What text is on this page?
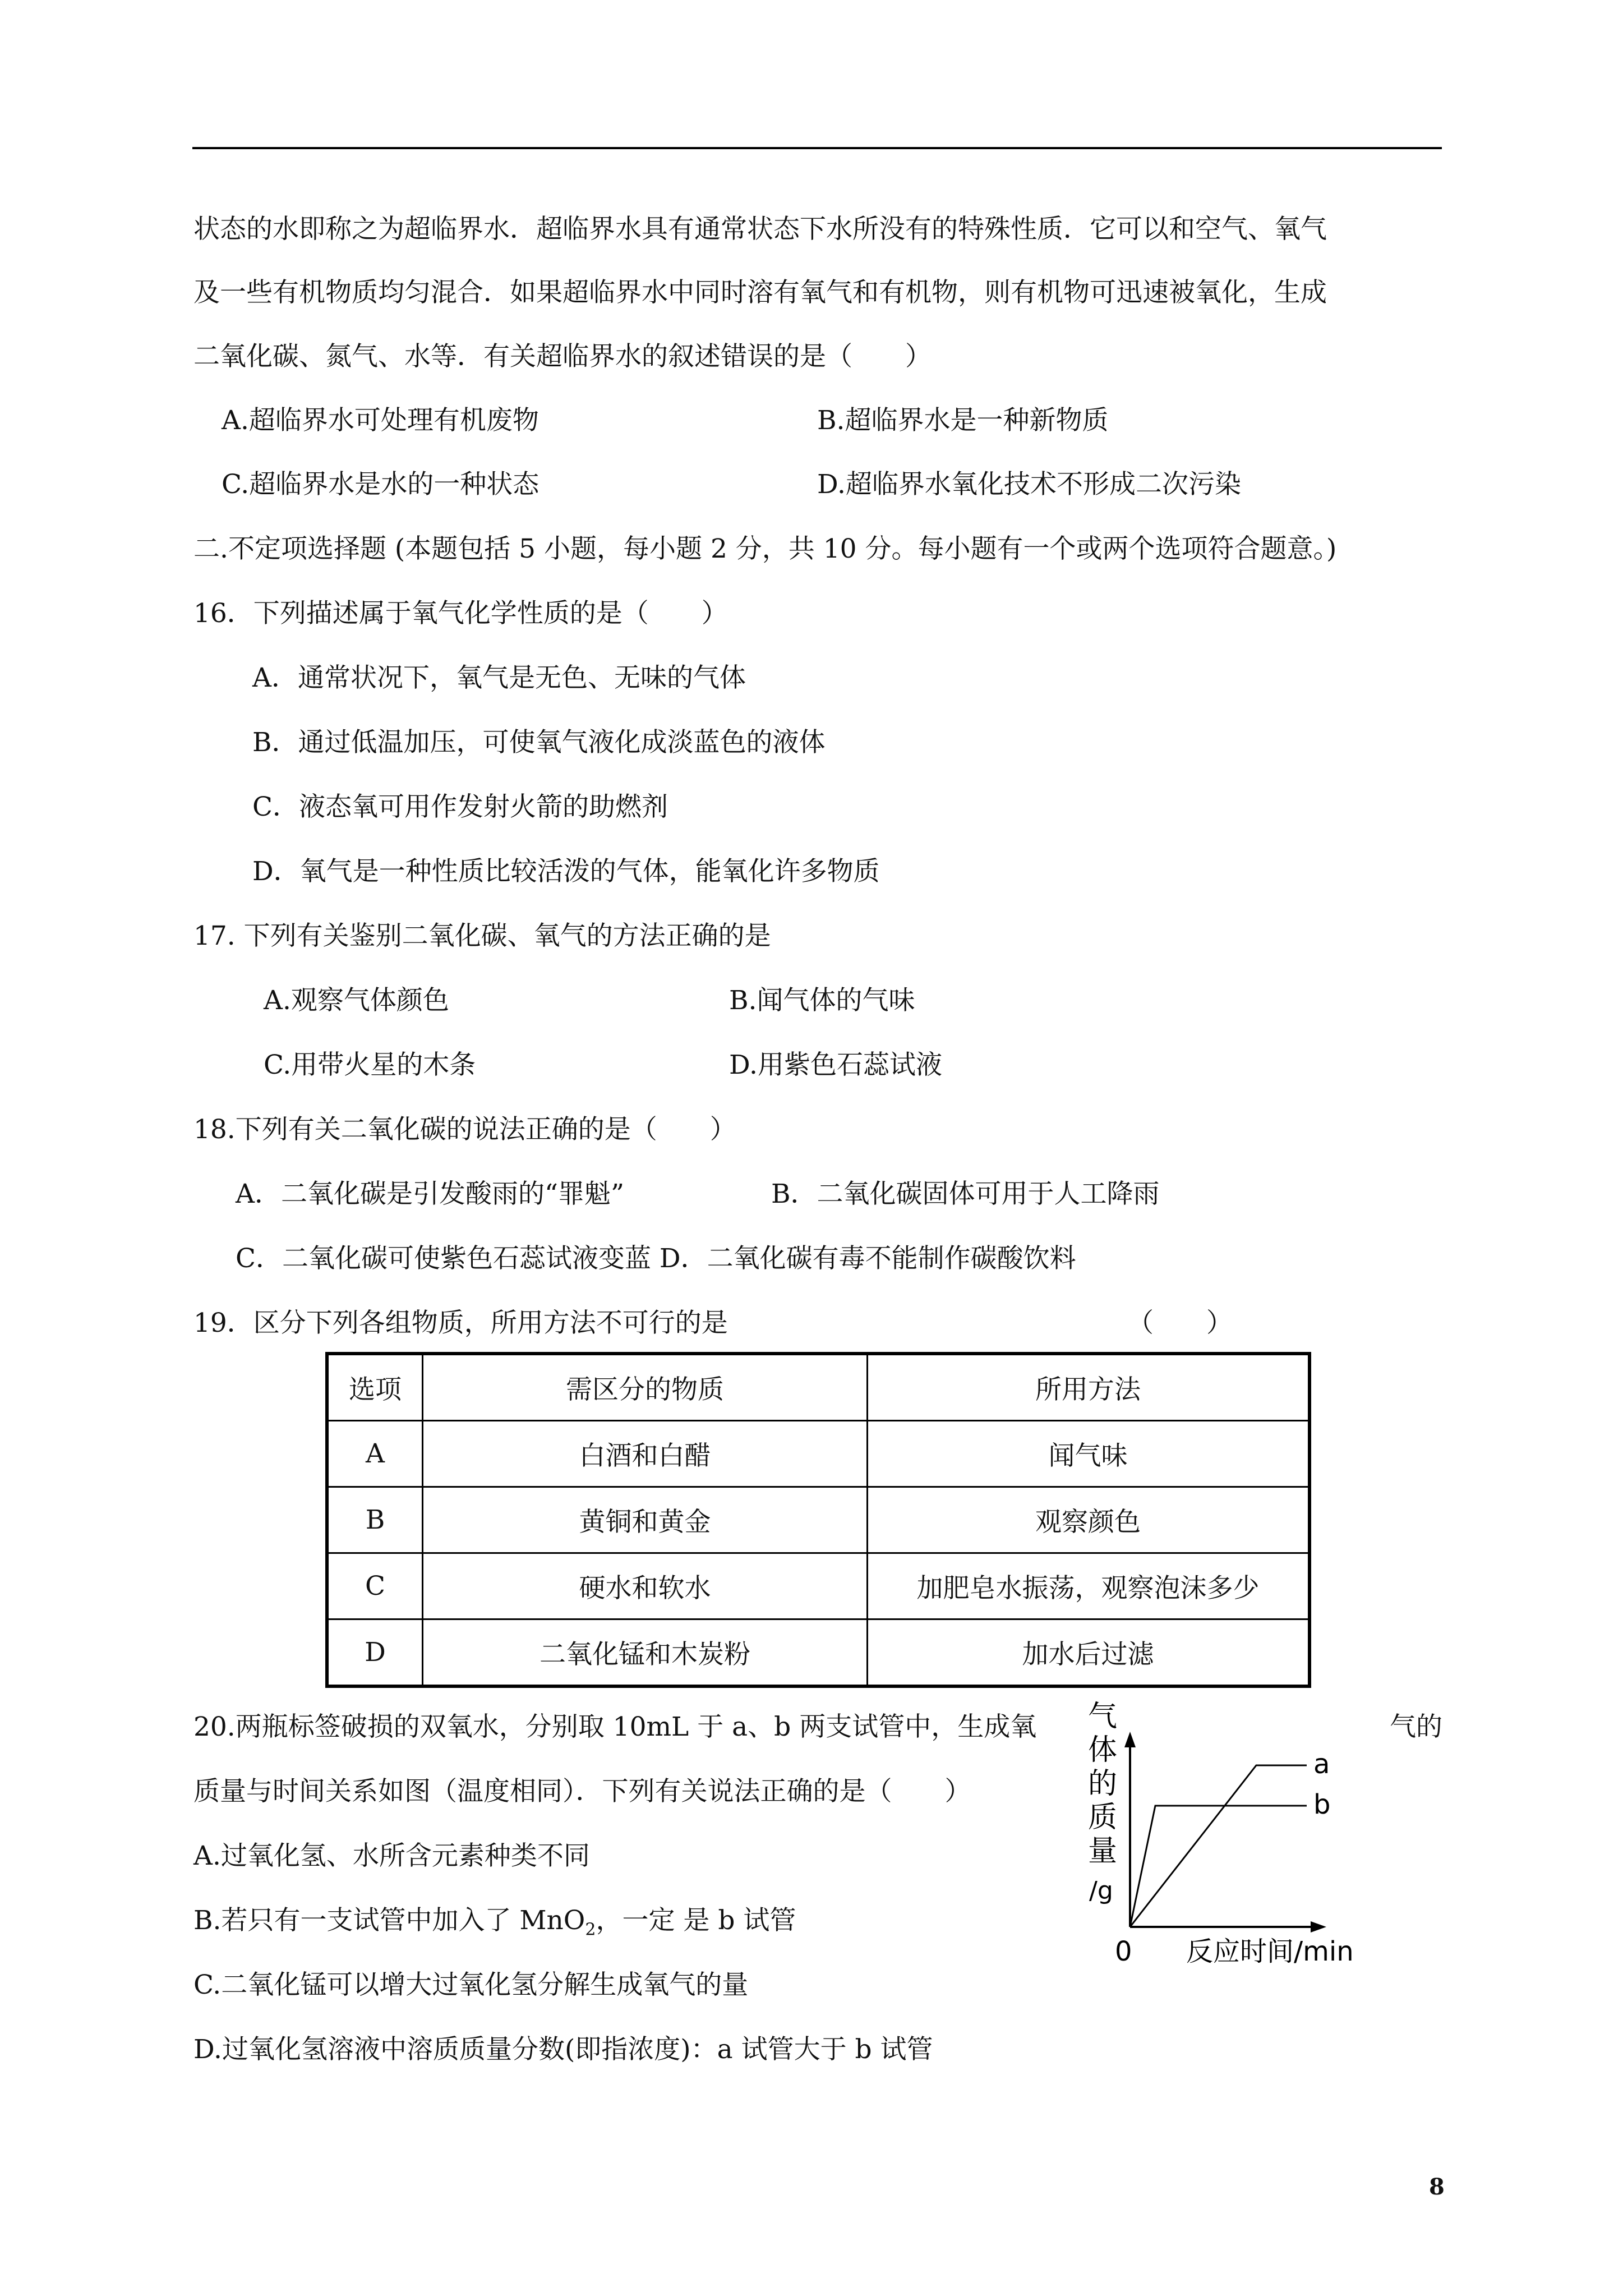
状态的水即称之为超临界水．超临界水具有通常状态下水所没有的特殊性质．它可以和空气、氧气
及一些有机物质均匀混合．如果超临界水中同时溶有氧气和有机物，则有机物可迅速被氧化，生成
二氧化碳、氮气、水等．有关超临界水的叙述错误的是（　　）
A.超临界水可处理有机废物	B.超临界水是一种新物质
C.超临界水是水的一种状态	D.超临界水氧化技术不形成二次污染
二.不定项选择题 (本题包括 5 小题，每小题 2 分，共 10 分。每小题有一个或两个选项符合题意。)
16．下列描述属于氧气化学性质的是（　　）
A．通常状况下，氧气是无色、无味的气体
B．通过低温加压，可使氧气液化成淡蓝色的液体
C．液态氧可用作发射火箭的助燃剂
D．氧气是一种性质比较活泼的气体，能氧化许多物质
17. 下列有关鉴别二氧化碳、氧气的方法正确的是
A.观察气体颜色	B.闻气体的气味
C.用带火星的木条	D.用紫色石蕊试液
18.下列有关二氧化碳的说法正确的是（　　）
A．二氧化碳是引发酸雨的“罪魁”	B．二氧化碳固体可用于人工降雨
C．二氧化碳可使紫色石蕊试液变蓝 D．二氧化碳有毒不能制作碳酸饮料
19．区分下列各组物质，所用方法不可行的是	（　　）
选项	需区分的物质	所用方法
A	白酒和白醋	闻气味
B	黄铜和黄金	观察颜色
C	硬水和软水	加肥皂水振荡，观察泡沫多少
D	二氧化锰和木炭粉	加水后过滤
20.两瓶标签破损的双氧水，分别取 10mL 于 a、b 两支试管中，生成氧	气的
质量与时间关系如图（温度相同）．下列有关说法正确的是（　　）
A.过氧化氢、水所含元素种类不同
B.若只有一支试管中加入了 MnO$_2$，一定 是 b 试管
C.二氧化锰可以增大过氧化氢分解生成氧气的量
D.过氧化氢溶液中溶质质量分数(即指浓度)：a 试管大于 b 试管
气
体
的
质
量
/g
a
b
0 反应时间/min
8
